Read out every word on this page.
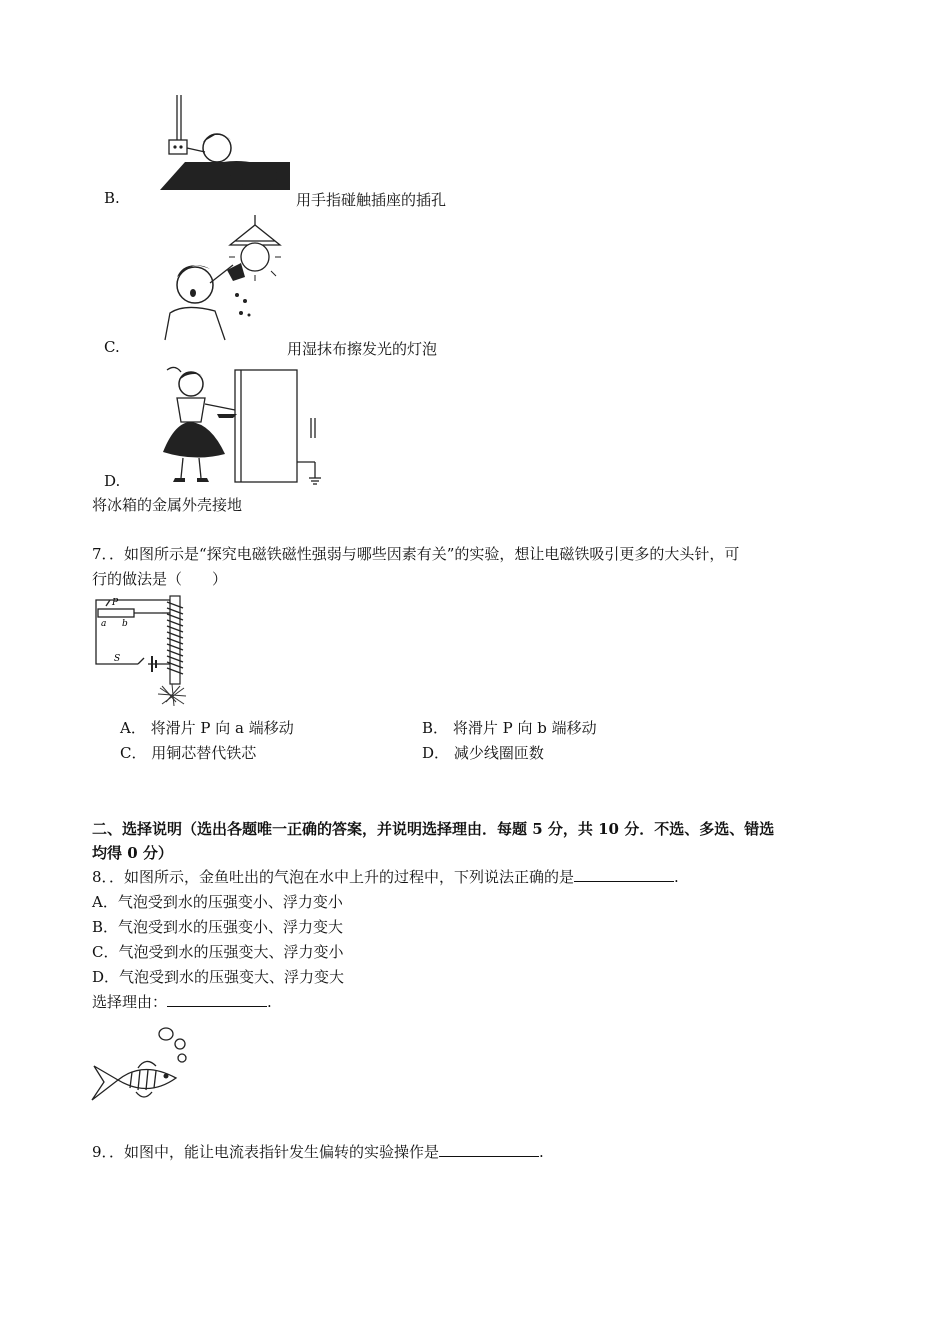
B.	用手指碰触插座的插孔
C.	用湿抹布擦发光的灯泡
D.
将冰箱的金属外壳接地
7．．如图所示是“探究电磁铁磁性强弱与哪些因素有关”的实验，想让电磁铁吸引更多的大头针，可
行的做法是（　　）
P
a b
S
A． 将滑片 P 向 a 端移动	B． 将滑片 P 向 b 端移动
C． 用铜芯替代铁芯	D． 减少线圈匝数
二、选择说明（选出各题唯一正确的答案，并说明选择理由．每题 5 分，共 10 分．不选、多选、错选
均得 0 分）
8．．如图所示，金鱼吐出的气泡在水中上升的过程中，下列说法正确的是	.
A．气泡受到水的压强变小、浮力变小
B．气泡受到水的压强变小、浮力变大
C．气泡受到水的压强变大、浮力变小
D．气泡受到水的压强变大、浮力变大
选择理由：	.
9．．如图中，能让电流表指针发生偏转的实验操作是	.
